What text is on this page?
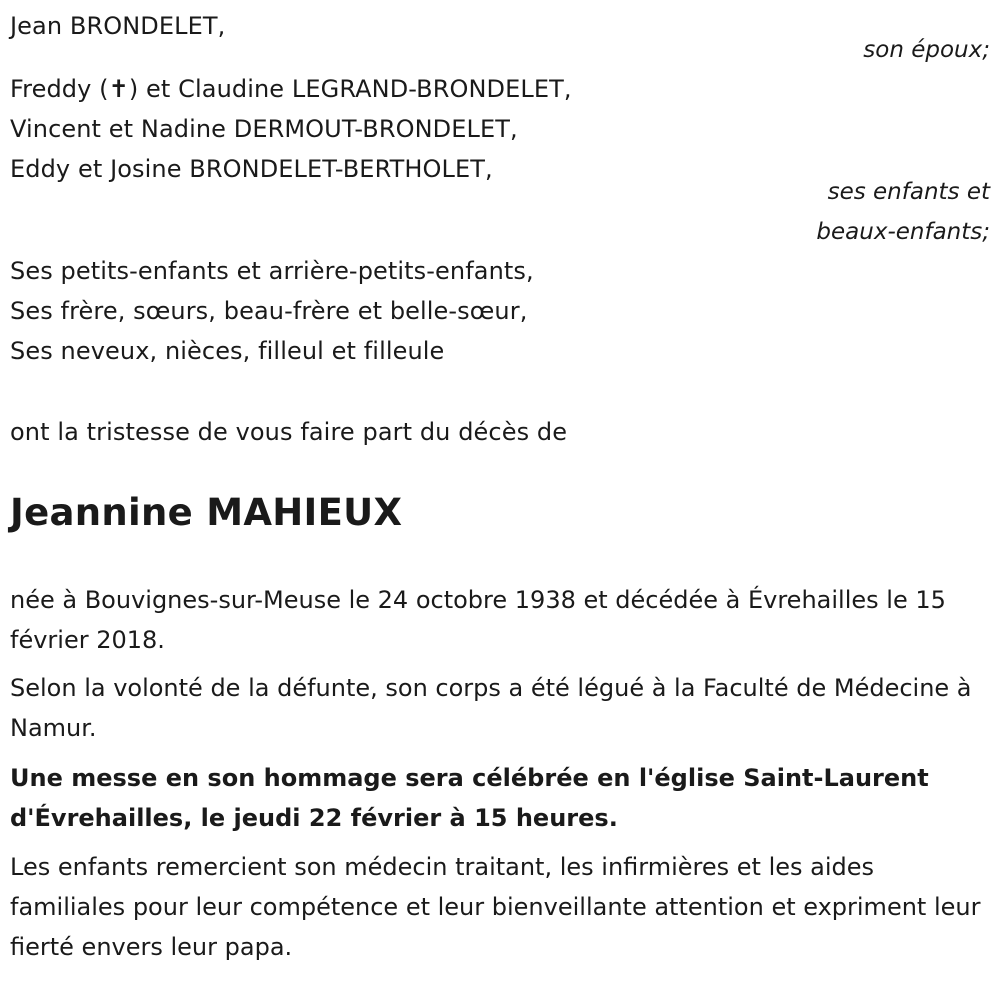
Jean BRONDELET,
son époux;
Freddy (✝) et Claudine LEGRAND-BRONDELET,
Vincent et Nadine DERMOUT-BRONDELET,
Eddy et Josine BRONDELET-BERTHOLET,
ses enfants et
beaux-enfants;
Ses petits-enfants et arrière-petits-enfants,
Ses frère, sœurs, beau-frère et belle-sœur,
Ses neveux, nièces, filleul et filleule
ont la tristesse de vous faire part du décès de
Jeannine MAHIEUX
née à Bouvignes-sur-Meuse le 24 octobre 1938 et décédée à Évrehailles le 15 février 2018.
Selon la volonté de la défunte, son corps a été légué à la Faculté de Médecine à Namur.
Une messe en son hommage sera célébrée en l'église Saint-Laurent d'Évrehailles, le jeudi 22 février à 15 heures.
Les enfants remercient son médecin traitant, les infirmières et les aides familiales pour leur compétence et leur bienveillante attention et expriment leur fierté envers leur papa.
